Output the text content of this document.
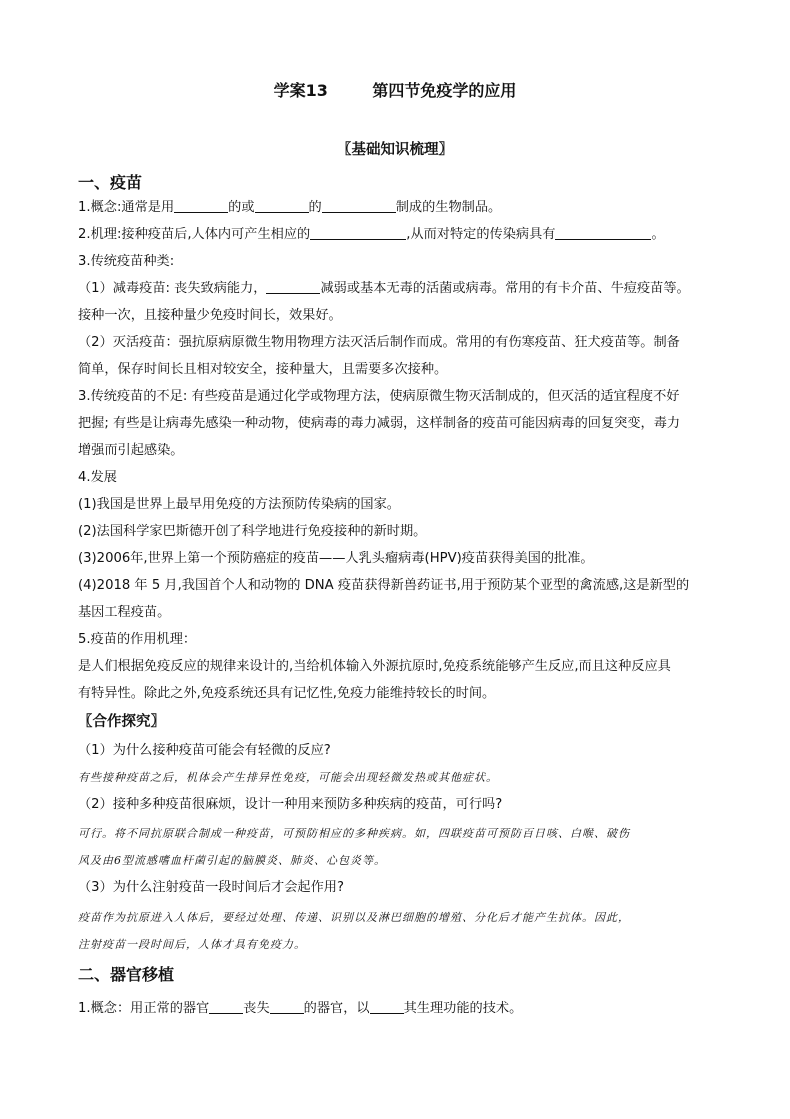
学案13        第四节免疫学的应用
〖基础知识梳理〗
一、疫苗
1.概念:通常是用	的或	的	制成的生物制品。
2.机理:接种疫苗后,人体内可产生相应的	,从而对特定的传染病具有	。
3.传统疫苗种类:
（1）减毒疫苗: 丧失致病能力，	减弱或基本无毒的活菌或病毒。常用的有卡介苗、牛痘疫苗等。
接种一次，且接种量少免疫时间长，效果好。
（2）灭活疫苗：强抗原病原微生物用物理方法灭活后制作而成。常用的有伤寒疫苗、狂犬疫苗等。制备
简单，保存时间长且相对较安全，接种量大，且需要多次接种。
3.传统疫苗的不足: 有些疫苗是通过化学或物理方法，使病原微生物灭活制成的，但灭活的适宜程度不好
把握; 有些是让病毒先感染一种动物，使病毒的毒力减弱，这样制备的疫苗可能因病毒的回复突变，毒力
增强而引起感染。
4.发展
(1)我国是世界上最早用免疫的方法预防传染病的国家。
(2)法国科学家巴斯德开创了科学地进行免疫接种的新时期。
(3)2006年,世界上第一个预防癌症的疫苗——人乳头瘤病毒(HPV)疫苗获得美国的批准。
(4)2018 年 5 月,我国首个人和动物的 DNA 疫苗获得新兽药证书,用于预防某个亚型的禽流感,这是新型的
基因工程疫苗。
5.疫苗的作用机理：
是人们根据免疫反应的规律来设计的,当给机体输入外源抗原时,免疫系统能够产生反应,而且这种反应具
有特异性。除此之外,免疫系统还具有记忆性,免疫力能维持较长的时间。
〖合作探究〗
（1）为什么接种疫苗可能会有轻微的反应?
有些接种疫苗之后，机体会产生排异性免疫，可能会出现轻微发热或其他症状。
（2）接种多种疫苗很麻烦，设计一种用来预防多种疾病的疫苗，可行吗?
可行。将不同抗原联合制成一种疫苗，可预防相应的多种疾病。如，四联疫苗可预防百日咳、白喉、破伤
风及由6型流感嗜血杆菌引起的脑膜炎、肺炎、心包炎等。
（3）为什么注射疫苗一段时间后才会起作用?
疫苗作为抗原进入人体后，要经过处理、传递、识别以及淋巴细胞的增殖、分化后才能产生抗体。因此，
注射疫苗一段时间后，人体才具有免疫力。
二、器官移植
1.概念：用正常的器官	丧失	的器官，以	其生理功能的技术。
